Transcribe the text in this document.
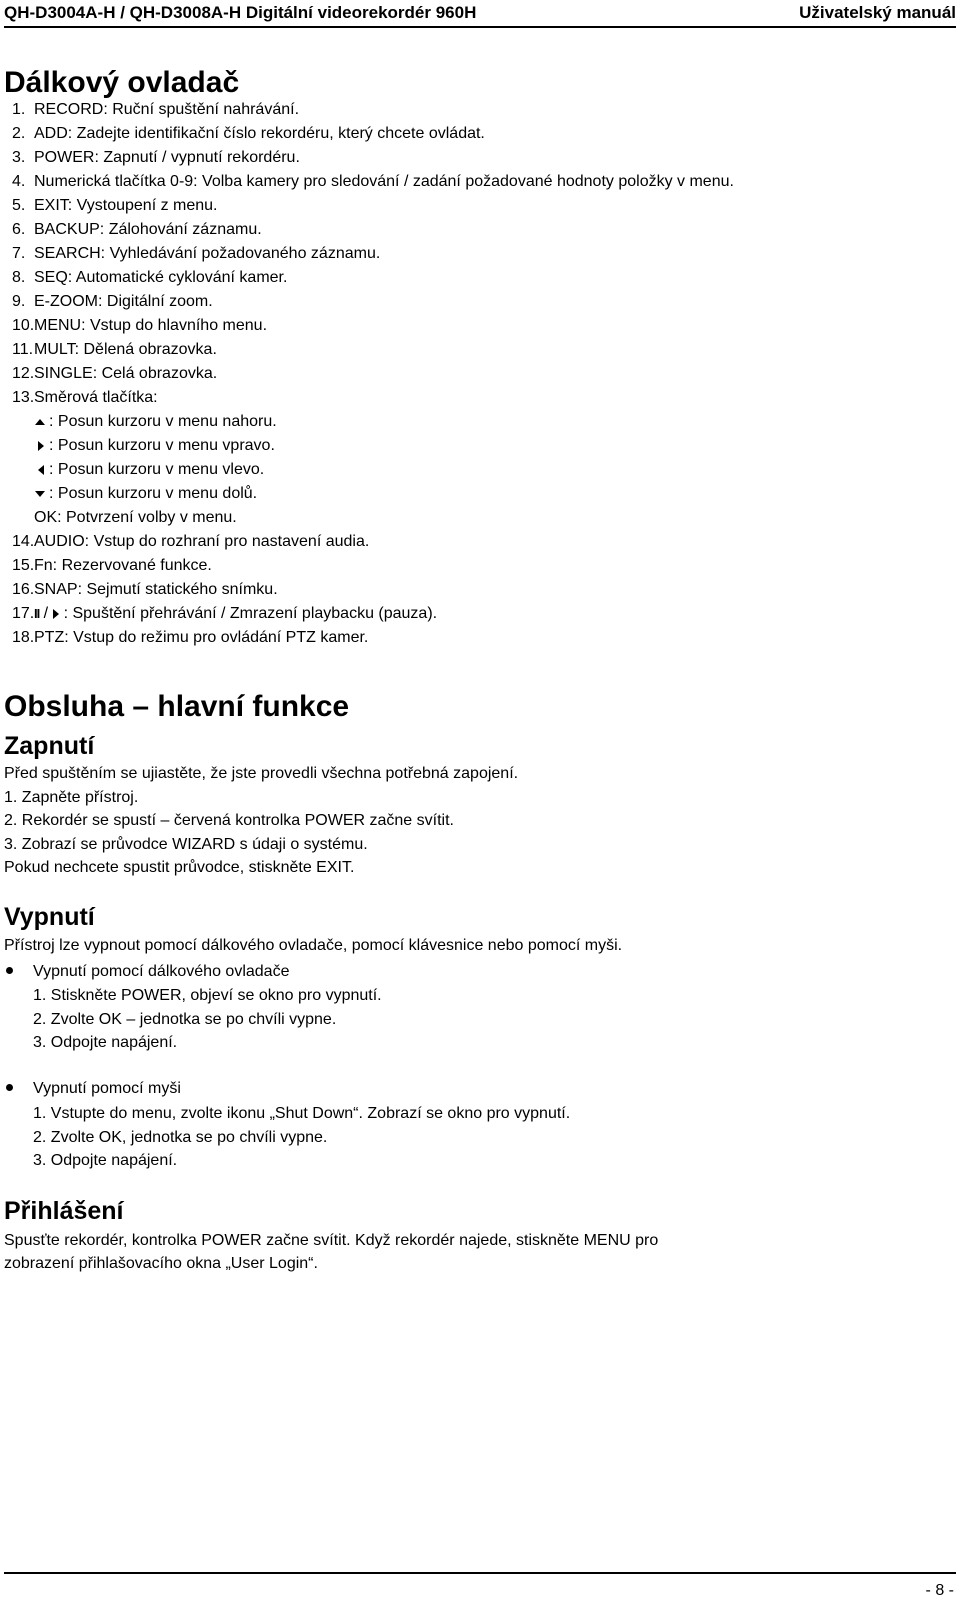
QH-D3004A-H / QH-D3008A-H Digitální videorekordér 960H	Uživatelský manuál
Dálkový ovladač
1. RECORD: Ruční spuštění nahrávání.
2. ADD: Zadejte identifikační číslo rekordéru, který chcete ovládat.
3. POWER: Zapnutí / vypnutí rekordéru.
4. Numerická tlačítka 0-9: Volba kamery pro sledování / zadání požadované hodnoty položky v menu.
5. EXIT: Vystoupení z menu.
6. BACKUP: Zálohování záznamu.
7. SEARCH: Vyhledávání požadovaného záznamu.
8. SEQ: Automatické cyklování kamer.
9. E-ZOOM: Digitální zoom.
10.MENU: Vstup do hlavního menu.
11.MULT: Dělená obrazovka.
12.SINGLE: Celá obrazovka.
13.Směrová tlačítka:
: Posun kurzoru v menu nahoru.
: Posun kurzoru v menu vpravo.
: Posun kurzoru v menu vlevo.
: Posun kurzoru v menu dolů.
OK: Potvrzení volby v menu.
14.AUDIO: Vstup do rozhraní pro nastavení audia.
15.Fn: Rezervované funkce.
16.SNAP: Sejmutí statického snímku.
17.II / : Spuštění přehrávání / Zmrazení playbacku (pauza).
18.PTZ: Vstup do režimu pro ovládání PTZ kamer.
Obsluha – hlavní funkce
Zapnutí
Před spuštěním se ujiastěte, že jste provedli všechna potřebná zapojení.
1. Zapněte přístroj.
2. Rekordér se spustí – červená kontrolka POWER začne svítit.
3. Zobrazí se průvodce WIZARD s údaji o systému.
Pokud nechcete spustit průvodce, stiskněte EXIT.
Vypnutí
Přístroj lze vypnout pomocí dálkového ovladače, pomocí klávesnice nebo pomocí myši.
Vypnutí pomocí dálkového ovladače
1. Stiskněte POWER, objeví se okno pro vypnutí.
2. Zvolte OK – jednotka se po chvíli vypne.
3. Odpojte napájení.
Vypnutí pomocí myši
1. Vstupte do menu, zvolte ikonu „Shut Down“. Zobrazí se okno pro vypnutí.
2. Zvolte OK, jednotka se po chvíli vypne.
3. Odpojte napájení.
Přihlášení
Spusťte rekordér, kontrolka POWER začne svítit. Když rekordér najede, stiskněte MENU pro
zobrazení přihlašovacího okna „User Login“.
- 8 -
